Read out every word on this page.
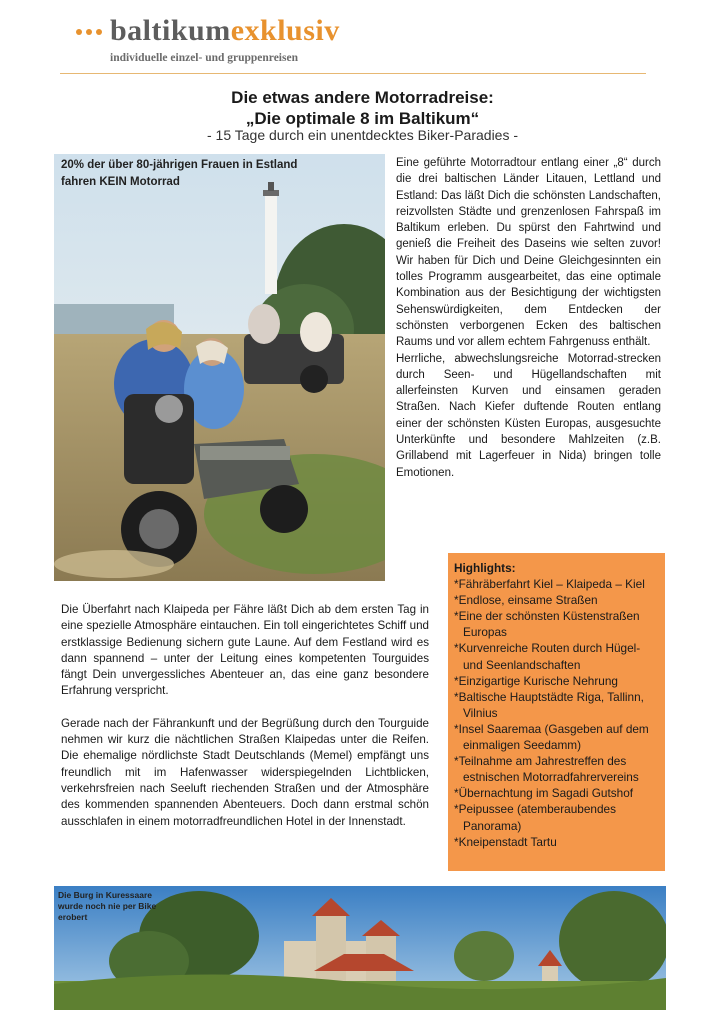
baltikumexklusiv
individuelle einzel- und gruppenreisen
Die etwas andere Motorradreise:
„Die optimale 8 im Baltikum“
- 15 Tage durch ein unentdecktes Biker-Paradies -
20% der über 80-jährigen Frauen in Estland fahren KEIN Motorrad

Eine geführte Motorradtour entlang einer „8“ durch die drei baltischen Länder Litauen, Lettland und Estland: Das läßt Dich die schönsten Landschaften, reizvollsten Städte und grenzenlosen Fahrspaß im Baltikum erleben. Du spürst den Fahrtwind und genieß die Freiheit des Daseins wie selten zuvor! Wir haben für Dich und Deine Gleichgesinnten ein tolles Programm ausgearbeitet, das eine optimale Kombination aus der Besichtigung der wichtigsten Sehenswürdigkeiten, dem Entdecken der schönsten verborgenen Ecken des baltischen Raums und vor allem echtem Fahrgenuss enthält.

Herrliche, abwechslungsreiche Motorrad-strecken durch Seen- und Hügellandschaften mit allerfeinsten Kurven und einsamen geraden Straßen. Nach Kiefer duftende Routen entlang einer der schönsten Küsten Europas, ausgesuchte Unterkünfte und besondere Mahlzeiten (z.B. Grillabend mit Lagerfeuer in Nida) bringen tolle Emotionen.

Highlights:
*Fähräberfahrt Kiel – Klaipeda – Kiel
*Endlose, einsame Straßen
*Eine der schönsten Küstenstraßen Europas
*Kurvenreiche Routen durch Hügel- und Seenlandschaften
*Einzigartige Kurische Nehrung
*Baltische Hauptstädte Riga, Tallinn, Vilnius
*Insel Saaremaa (Gasgeben auf dem einmaligen Seedamm)
*Teilnahme am Jahrestreffen des estnischen Motorradfahrervereins
*Übernachtung im Sagadi Gutshof
*Peipussee (atemberaubendes Panorama)
*Kneipenstadt Tartu

Die Überfahrt nach Klaipeda per Fähre läßt Dich ab dem ersten Tag in eine spezielle Atmosphäre eintauchen. Ein toll eingerichtetes Schiff und erstklassige Bedienung sichern gute Laune. Auf dem Festland wird es dann spannend – unter der Leitung eines kompetenten Tourguides fängt Dein unvergessliches Abenteuer an, das eine ganz besondere Erfahrung verspricht.

Gerade nach der Fährankunft und der Begrüßung durch den Tourguide nehmen wir kurz die nächtlichen Straßen Klaipedas unter die Reifen. Die ehemalige nördlichste Stadt Deutschlands (Memel) empfängt uns freundlich mit im Hafenwasser widerspiegelnden Lichtblicken, verkehrsfreien nach Seeluft riechenden Straßen und der Atmosphäre des kommenden spannenden Abenteuers. Doch dann erstmal schön ausschlafen in einem motorradfreundlichen Hotel in der Innenstadt.

Die Burg in Kuressaare wurde noch nie per Bike erobert
